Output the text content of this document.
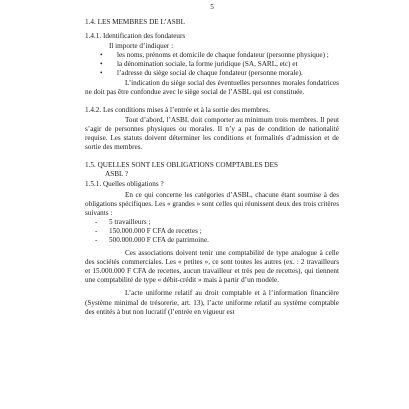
5
1.4. LES MEMBRES DE L’ASBL
1.4.1. Identification des fondateurs
Il importe d’indiquer :
• les noms, prénoms et domicile de chaque fondateur (personne physique) ;
• la dénomination sociale, la forme juridique (SA, SARL, etc) et
• l’adresse du siège social de chaque fondateur (personne morale).

L’indication du siège social des éventuelles personnes morales fondatrices ne doit pas être confondue avec le siège social de l’ASBL qui est constituée.

1.4.2. Les conditions mises à l’entrée et à la sortie des membres.

Tout d’abord, l’ASBL doit comporter au minimum trois membres. Il peut s’agir de personnes physiques ou morales. Il n’y a pas de condition de nationalité requise. Les statuts doivent déterminer les conditions et formalités d’admission et de sortie des membres.

1.5. QUELLES SONT LES OBLIGATIONS COMPTABLES DES
ASBL ?
1.5.1. Quelles obligations ?

En ce qui concerne les catégories d’ASBL, chacune étant soumise à des obligations spécifiques. Les « grandes » sont celles qui réunissent deux des trois critères suivants :

- 5 travailleurs ;
- 150.000.000 F CFA de recettes ;
- 500.000.000 F CFA de patrimoine.

Ces associations doivent tenir une comptabilité de type analogue à celle des sociétés commerciales. Les « petites », ce sont toutes les autres (ex. : 2 travailleurs et 15.000.000 F CFA de recettes, aucun travailleur et très peu de recettes), qui tiennent une comptabilité de type « débit-crédit » mais à partir d’un modèle.

L’acte uniforme relatif au droit comptable et à l’information financière (Système minimal de trésorerie, art. 13), l’acte uniforme relatif au système comptable des entités à but non lucratif (l’entrée en vigueur est
